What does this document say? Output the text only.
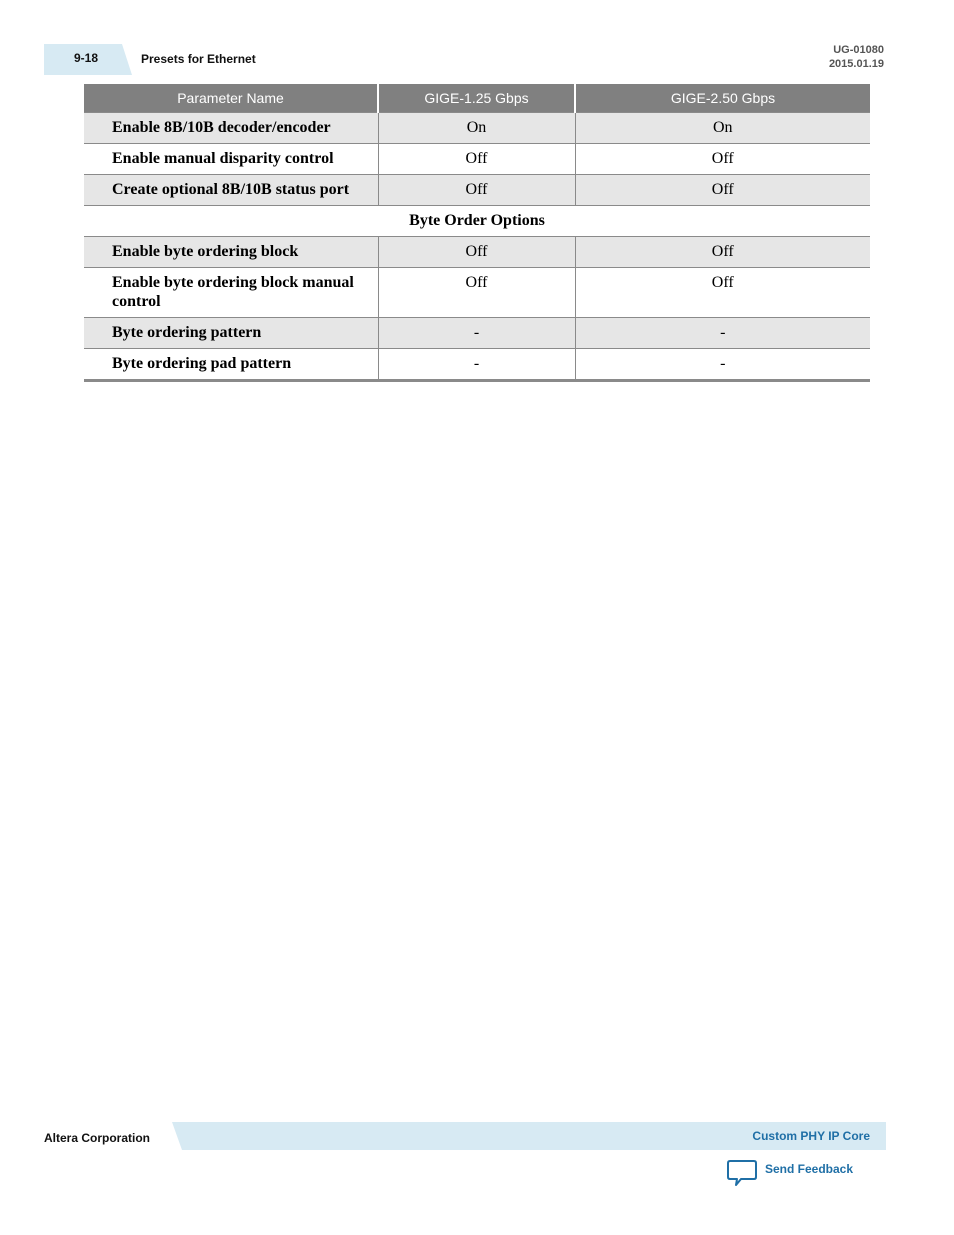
9-18	Presets for Ethernet
UG-01080
2015.01.19
Parameter Name	GIGE-1.25 Gbps	GIGE-2.50 Gbps
Enable 8B/10B decoder/encoder	On	On
Enable manual disparity control	Off	Off
Create optional 8B/10B status port	Off	Off
Byte Order Options		
Enable byte ordering block	Off	Off
Enable byte ordering block manual control	Off	Off
Byte ordering pattern	-	-
Byte ordering pad pattern	-	-
Altera Corporation	Custom PHY IP Core
Send Feedback
